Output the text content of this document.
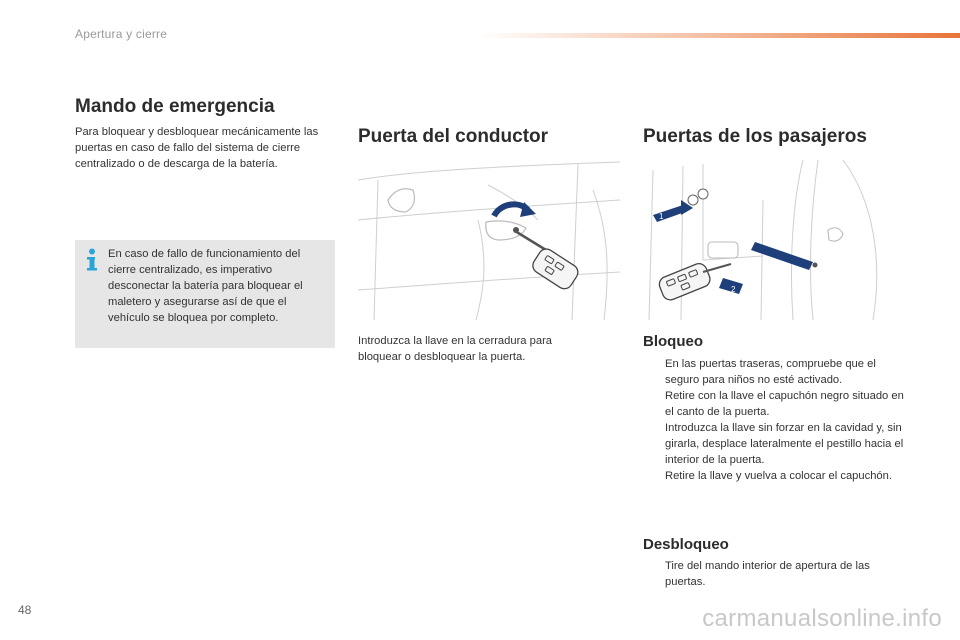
Apertura y cierre
Mando de emergencia
Para bloquear y desbloquear mecánicamente las puertas en caso de fallo del sistema de cierre centralizado o de descarga de la batería.
En caso de fallo de funcionamiento del cierre centralizado, es imperativo desconectar la batería para bloquear el maletero y asegurarse así de que el vehículo se bloquea por completo.
Puerta del conductor
Introduzca la llave en la cerradura para bloquear o desbloquear la puerta.
Puertas de los pasajeros
1
2
Bloqueo
En las puertas traseras, compruebe que el seguro para niños no esté activado.
Retire con la llave el capuchón negro situado en el canto de la puerta.
Introduzca la llave sin forzar en la cavidad y, sin girarla, desplace lateralmente el pestillo hacia el interior de la puerta.
Retire la llave y vuelva a colocar el capuchón.
Desbloqueo
Tire del mando interior de apertura de las puertas.
48	carmanualsonline.info
